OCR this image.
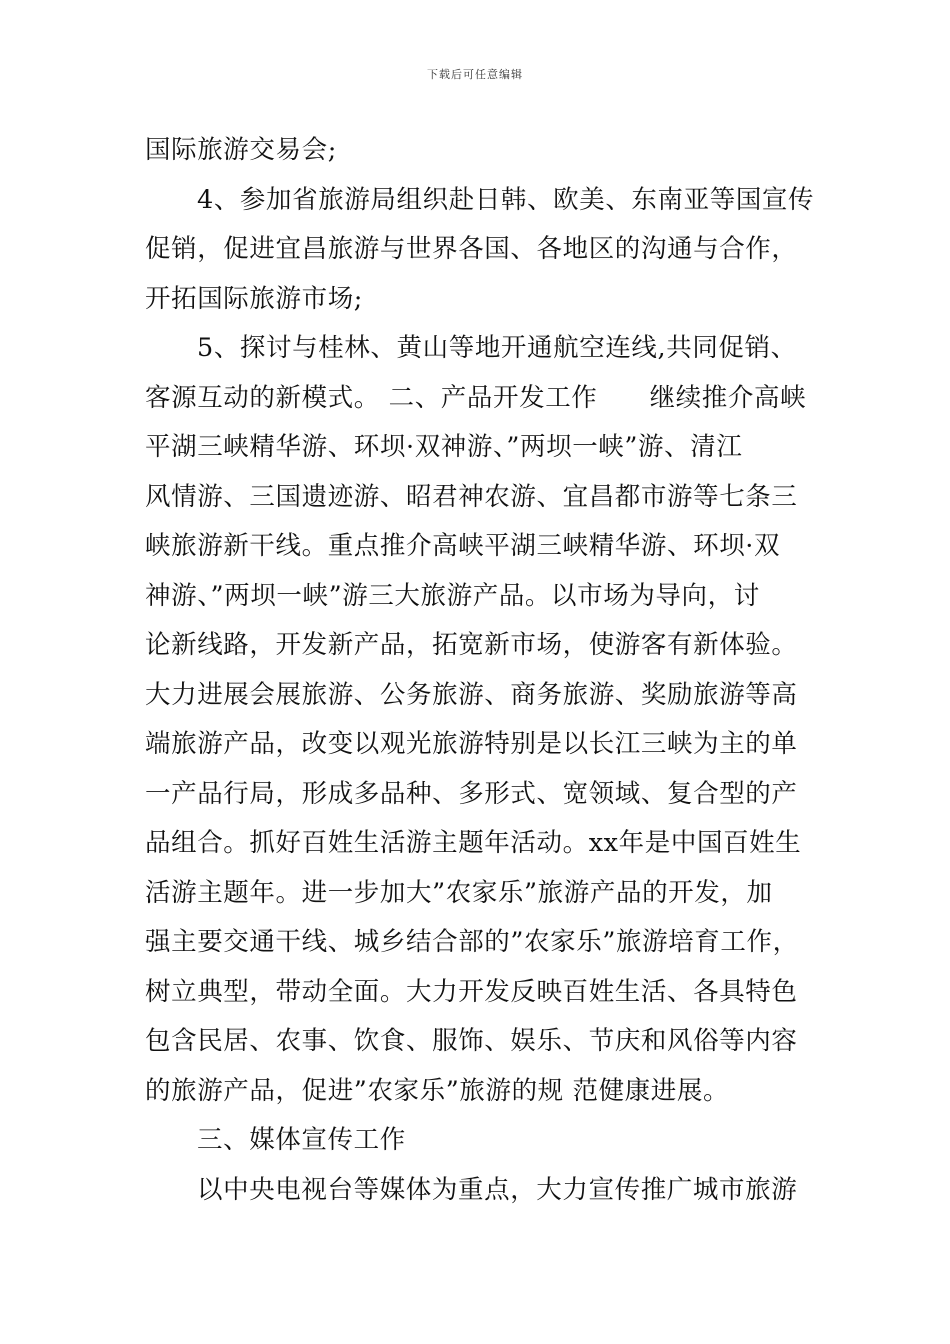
下载后可任意编辑
国际旅游交易会;
4、参加省旅游局组织赴日韩、欧美、东南亚等国宣传
促销，促进宜昌旅游与世界各国、各地区的沟通与合作，
开拓国际旅游市场;
5、探讨与桂林、黄山等地开通航空连线,共同促销、
客源互动的新模式。 二、产品开发工作　　继续推介高峡
平湖三峡精华游、环坝·双神游、”两坝一峡”游、清江
风情游、三国遗迹游、昭君神农游、宜昌都市游等七条三
峡旅游新干线。重点推介高峡平湖三峡精华游、环坝·双
神游、”两坝一峡”游三大旅游产品。以市场为导向，讨
论新线路，开发新产品，拓宽新市场，使游客有新体验。
大力进展会展旅游、公务旅游、商务旅游、奖励旅游等高
端旅游产品，改变以观光旅游特别是以长江三峡为主的单
一产品行局，形成多品种、多形式、宽领域、复合型的产
品组合。抓好百姓生活游主题年活动。xx年是中国百姓生
活游主题年。进一步加大”农家乐”旅游产品的开发，加
强主要交通干线、城乡结合部的”农家乐”旅游培育工作，
树立典型，带动全面。大力开发反映百姓生活、各具特色
包含民居、农事、饮食、服饰、娱乐、节庆和风俗等内容
的旅游产品，促进”农家乐”旅游的规 范健康进展。
三、媒体宣传工作
以中央电视台等媒体为重点，大力宣传推广城市旅游
